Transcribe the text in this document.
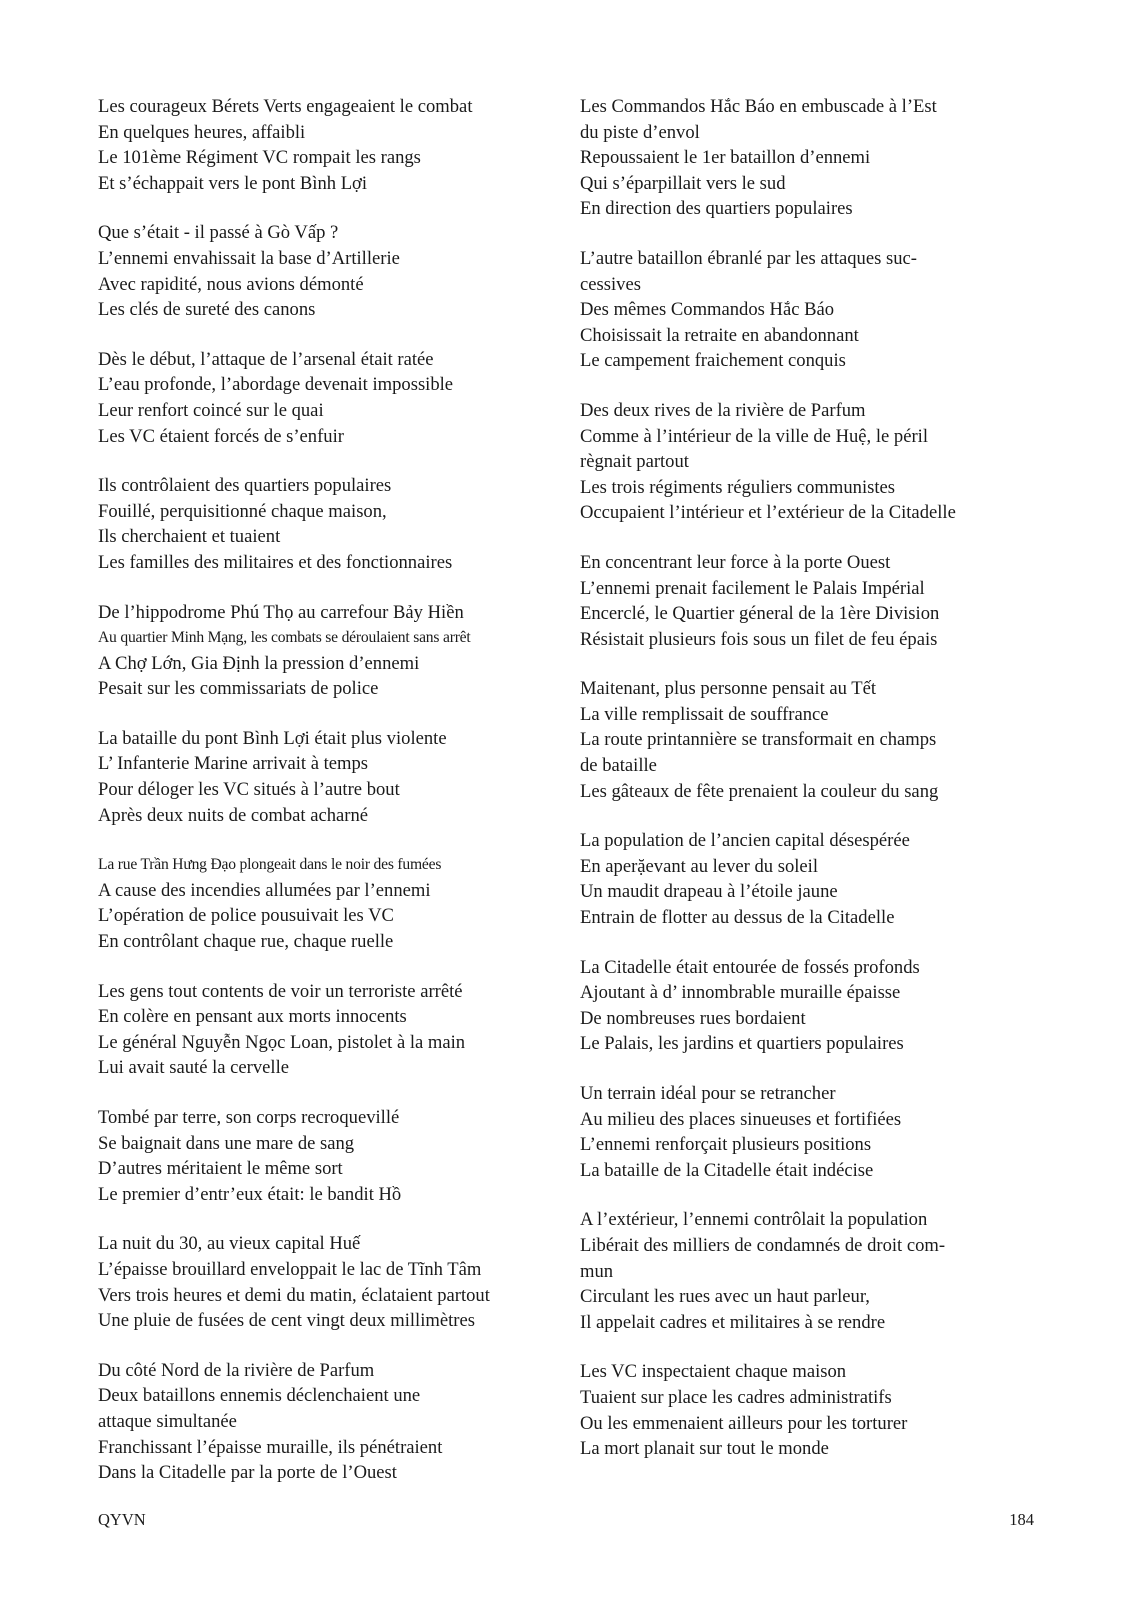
Les courageux Bérets Verts engageaient le combat
En quelques heures, affaibli
Le 101ème Régiment VC rompait les rangs
Et s’échappait vers le pont Bình Lợi
Que s’était - il passé à Gò Vấp ?
L’ennemi envahissait la base d’Artillerie
Avec rapidité, nous avions démonté
Les clés de sureté des canons
Dès le début, l’attaque de l’arsenal était ratée
L’eau profonde, l’abordage devenait impossible
Leur renfort coincé sur le quai
Les VC étaient forcés de s’enfuir
Ils contrôlaient des quartiers populaires
Fouillé, perquisitionné chaque maison,
Ils cherchaient et tuaient
Les familles des militaires et des fonctionnaires
De l’hippodrome Phú Thọ au carrefour Bảy Hiền
Au quartier Minh Mạng, les combats se déroulaient sans arrêt
A Chợ Lớn, Gia Định la pression d’ennemi
Pesait sur les commissariats de police
La bataille du pont Bình Lợi était plus violente
L’ Infanterie Marine arrivait à temps
Pour déloger les VC situés à l’autre bout
Après deux nuits de combat acharné
La rue Trần Hưng Đạo plongeait dans le noir des fumées
A cause des incendies allumées par l’ennemi
L’opération de police pousuivait les VC
En contrôlant chaque rue, chaque ruelle
Les gens tout contents de voir un terroriste arrêté
En colère en pensant aux morts innocents
Le général Nguyễn Ngọc Loan, pistolet à la main
Lui avait sauté la cervelle
Tombé par terre, son corps recroquevillé
Se baignait dans une mare de sang
D’autres méritaient le même sort
Le premier d’entr’eux était: le bandit Hồ
La nuit du 30, au vieux capital Huế
L’épaisse brouillard enveloppait le lac de Tĩnh Tâm
Vers trois heures et demi du matin, éclataient partout
Une pluie de fusées de cent vingt deux millimètres
Du côté Nord de la rivière de Parfum
Deux bataillons ennemis déclenchaient une
attaque simultanée
Franchissant l’épaisse muraille, ils pénétraient
Dans la Citadelle par la porte de l’Ouest
Les Commandos Hắc Báo en embuscade à l’Est
du piste d’envol
Repoussaient le 1er bataillon d’ennemi
Qui s’éparpillait vers le sud
En direction des quartiers populaires
L’autre bataillon ébranlé par les attaques suc-
cessives
Des mêmes Commandos Hắc Báo
Choisissait la retraite en abandonnant
Le campement fraichement conquis
Des deux rives de la rivière de Parfum
Comme à l’intérieur de la ville de Huệ, le péril
règnait partout
Les trois régiments réguliers communistes
Occupaient l’intérieur et l’extérieur de la Citadelle
En concentrant leur force à la porte Ouest
L’ennemi prenait facilement le Palais Impérial
Encerclé, le Quartier géneral de la 1ère Division
Résistait plusieurs fois sous un filet de feu épais
Maitenant, plus personne pensait au Tết
La ville remplissait de souffrance
La route printannière se transformait en champs
de bataille
Les gâteaux de fête prenaient la couleur du sang
La population de l’ancien capital désespérée
En aperặevant au lever du soleil
Un maudit drapeau à l’étoile jaune
Entrain de flotter au dessus de la Citadelle
La Citadelle était entourée de fossés profonds
Ajoutant à d’ innombrable muraille épaisse
De nombreuses rues bordaient
Le Palais, les jardins et quartiers populaires
Un terrain idéal pour se retrancher
Au milieu des places sinueuses et fortifiées
L’ennemi renforçait plusieurs positions
La bataille de la Citadelle était indécise
A l’extérieur, l’ennemi contrôlait la population
Libérait des milliers de condamnés de droit com-
mun
Circulant les rues avec un haut parleur,
Il appelait cadres et militaires à se rendre
Les VC inspectaient chaque maison
Tuaient sur place les cadres administratifs
Ou les emmenaient ailleurs pour les torturer
La mort planait sur tout le monde
QYVN	184
